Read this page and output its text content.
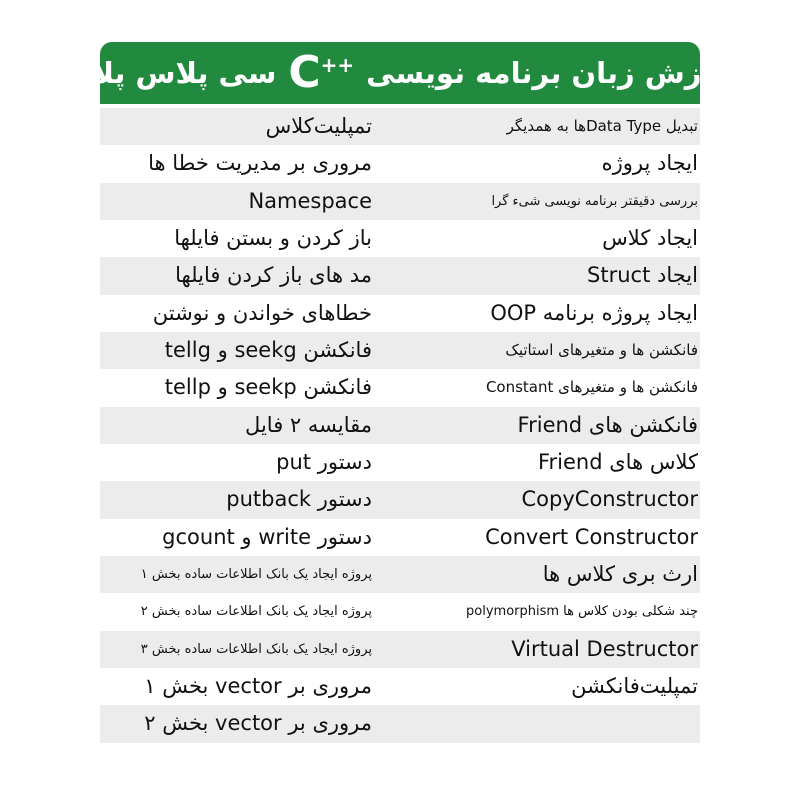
آموزش زبان برنامه نویسی
C ++
سی پلاس پلاس
تبدیل Data Typeها به همدیگر
تمپلیت‌کلاس
ایجاد پروژه
مروری بر مدیریت خطا ها
بررسی دقیقتر برنامه نویسی شیء گرا
Namespace
ایجاد کلاس
باز کردن و بستن فایلها
ایجاد Struct
مد های باز کردن فایلها
ایجاد پروژه برنامه OOP
خطاهای خواندن و نوشتن
فانکشن ها و متغیرهای استاتیک
فانکشن seekg و tellg
فانکشن ها و متغیرهای Constant
فانکشن seekp و tellp
فانکشن های Friend
مقایسه ۲ فایل
کلاس های Friend
دستور put
CopyConstructor
دستور putback
Convert Constructor
دستور write و gcount
ارث بری کلاس ها
پروژه ایجاد یک بانک اطلاعات ساده بخش ۱
چند شکلی بودن کلاس ها polymorphism
پروژه ایجاد یک بانک اطلاعات ساده بخش ۲
Virtual Destructor
پروژه ایجاد یک بانک اطلاعات ساده بخش ۳
تمپلیت‌فانکشن
مروری بر vector بخش ۱
مروری بر vector بخش ۲
